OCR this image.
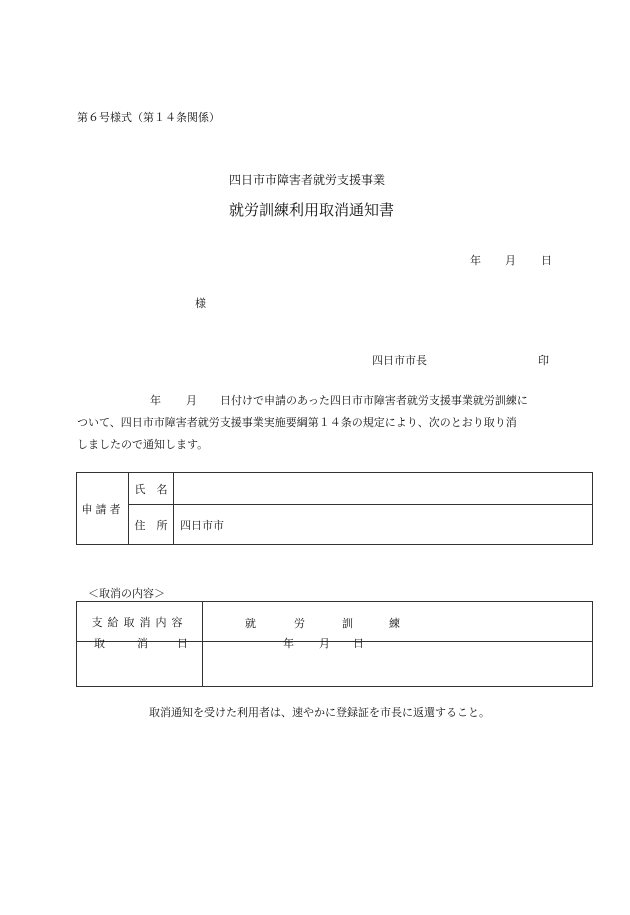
第６号様式（第１４条関係）
四日市市障害者就労支援事業
就労訓練利用取消通知書
年 月 日
様
四日市市長	印
年 月 日付けで申請のあった四日市市障害者就労支援事業就労訓練に
ついて、四日市市障害者就労支援事業実施要綱第１４条の規定により、次のとおり取り消
しましたので通知します。
申請者	氏　名	
	住　所	四日市市
＜取消の内容＞
支給取消内容	就 労 訓 練

取 消 日	年 月 日
取消通知を受けた利用者は、速やかに登録証を市長に返還すること。
